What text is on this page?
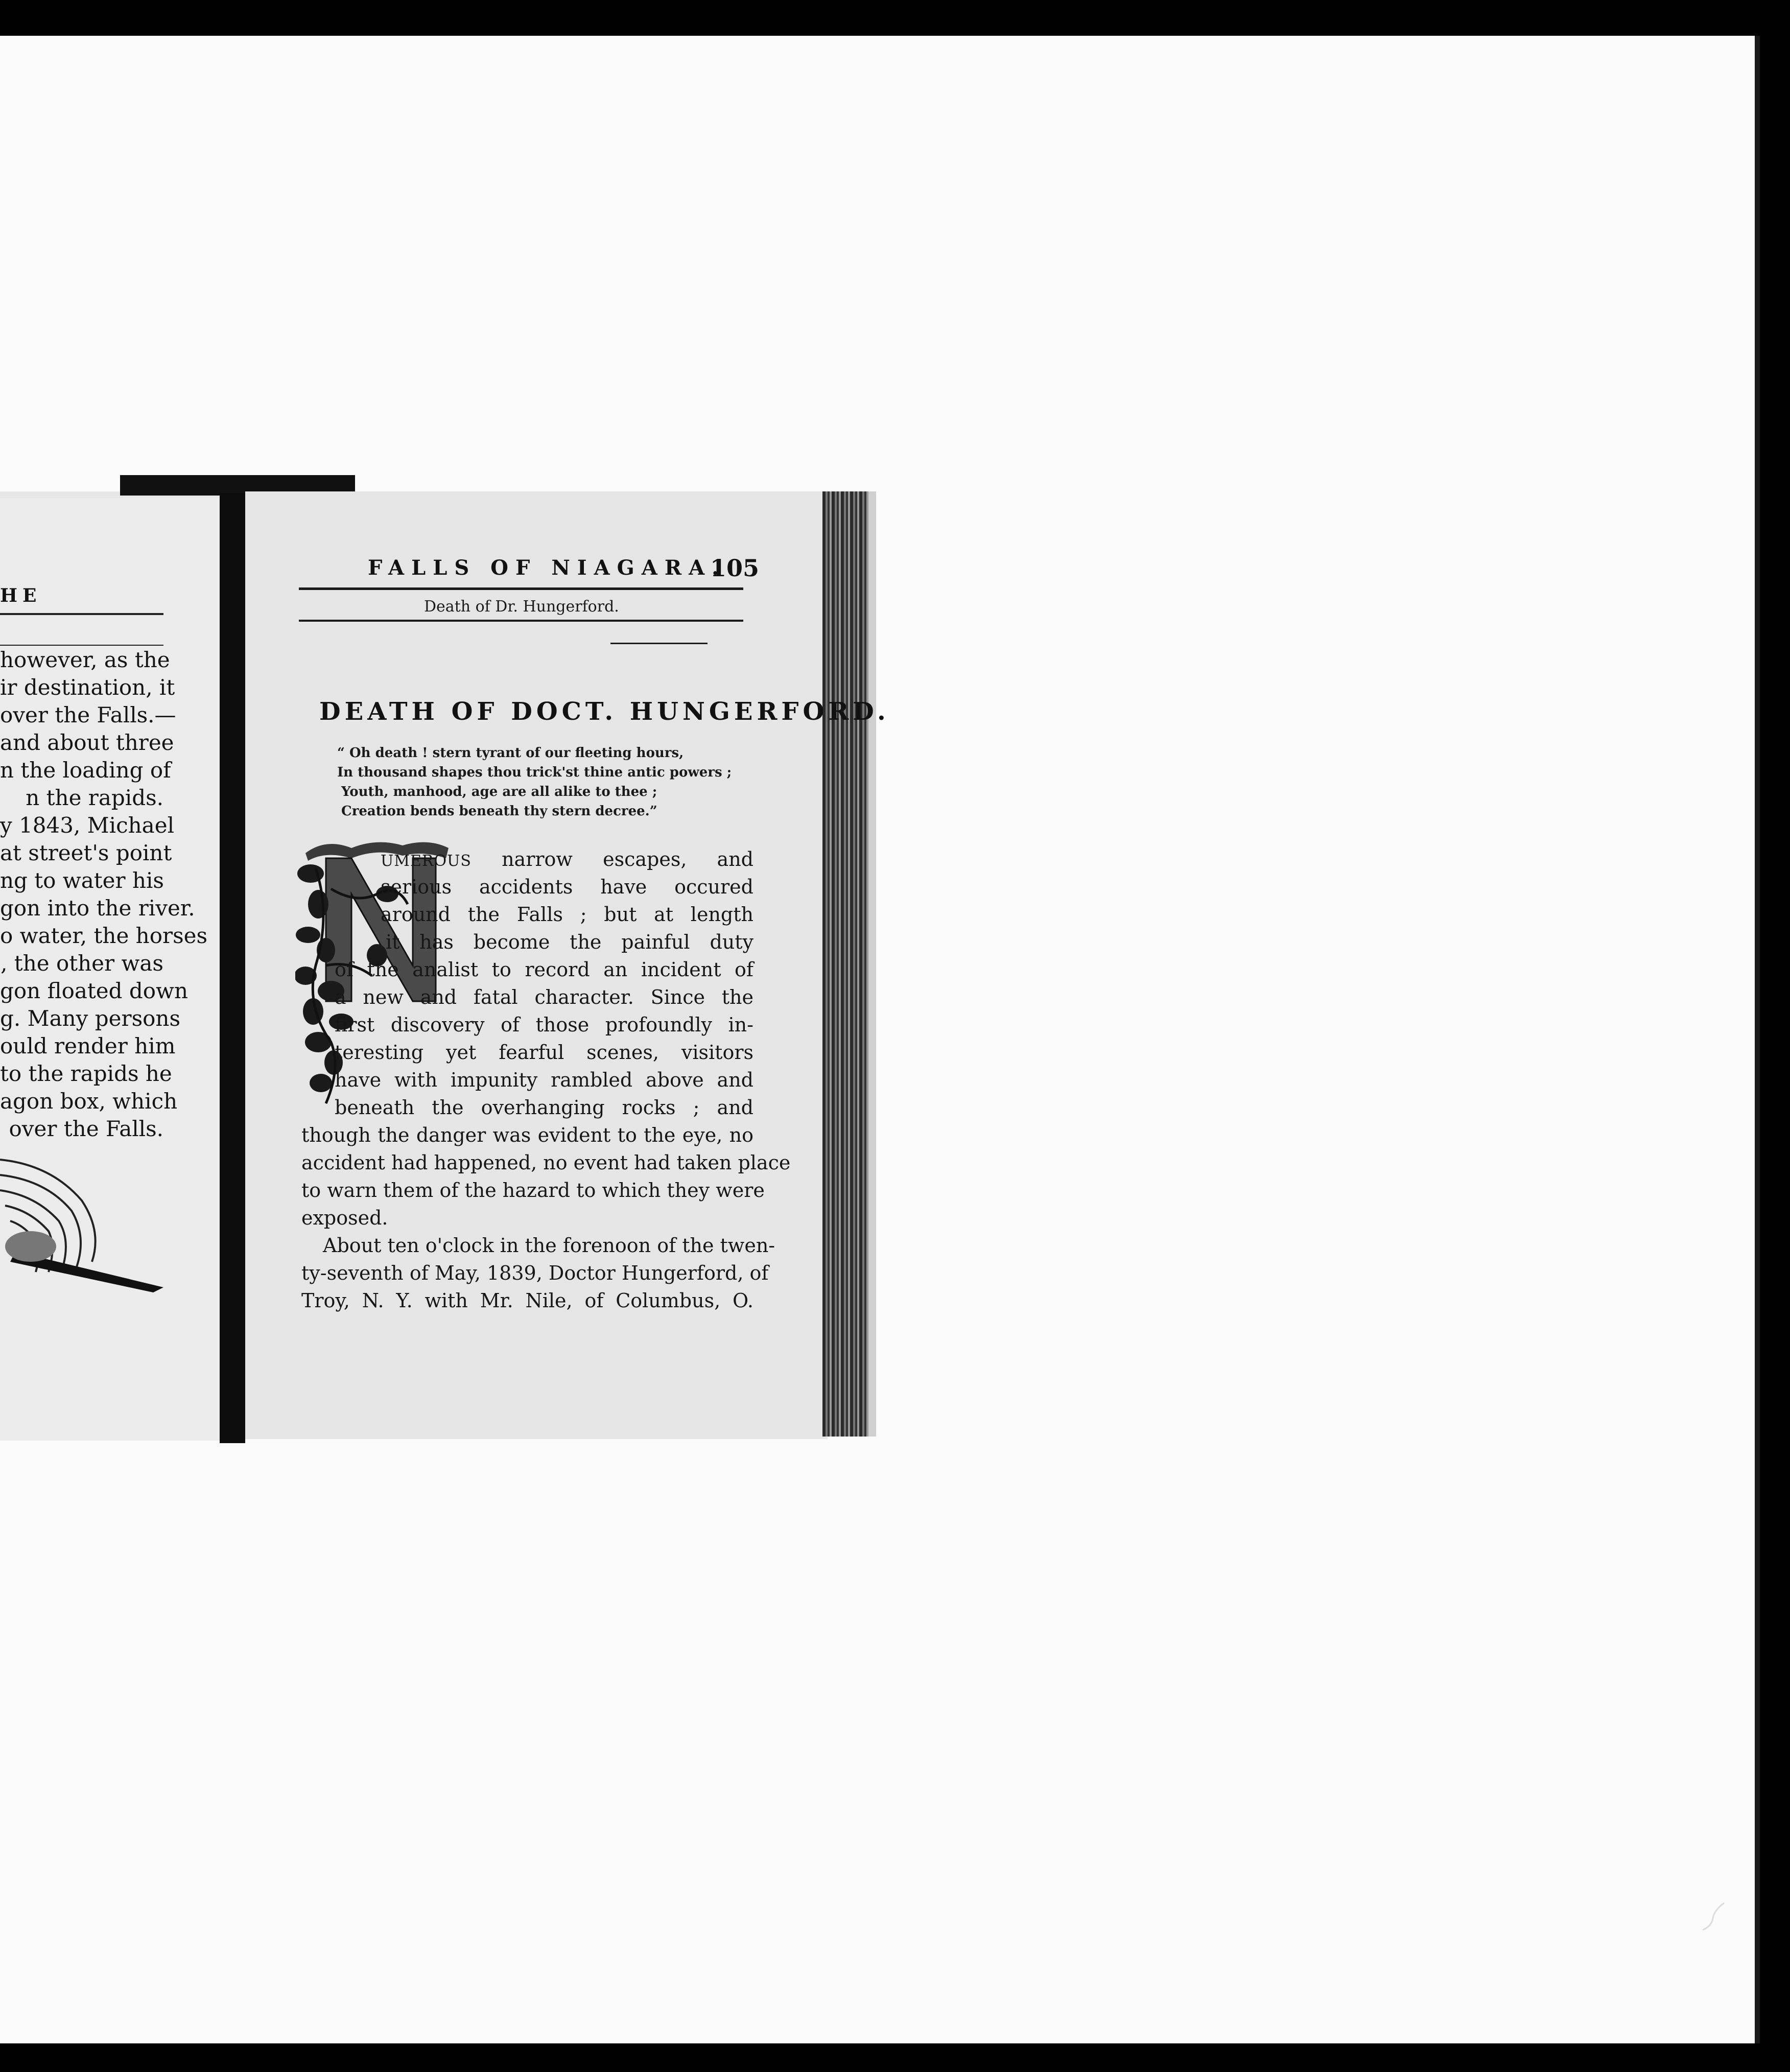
HE
however, as the
ir destination, it
over the Falls.—
and about three
n the loading of
n the rapids.
y 1843, Michael
at street's point
ng to water his
gon into the river.
o water, the horses
, the other was
gon floated down
g. Many persons
ould render him
to the rapids he
agon box, which
over the Falls.
FALLS OF NIAGARA.
105
Death of Dr. Hungerford.
DEATH OF DOCT. HUNGERFORD.
“ Oh death ! stern tyrant of our fleeting hours,
In thousand shapes thou trick'st thine antic powers ;
Youth, manhood, age are all alike to thee ;
Creation bends beneath thy stern decree.”
UMEROUS narrow escapes, and
serious accidents have occured
around the Falls ; but at length
it has become the painful duty
of the analist to record an incident of
a new and fatal character. Since the
first discovery of those profoundly in-
teresting yet fearful scenes, visitors
have with impunity rambled above and
beneath the overhanging rocks ; and
though the danger was evident to the eye, no
accident had happened, no event had taken place
to warn them of the hazard to which they were
exposed.
About ten o'clock in the forenoon of the twen-
ty-seventh of May, 1839, Doctor Hungerford, of
Troy, N. Y. with Mr. Nile, of Columbus, O.
